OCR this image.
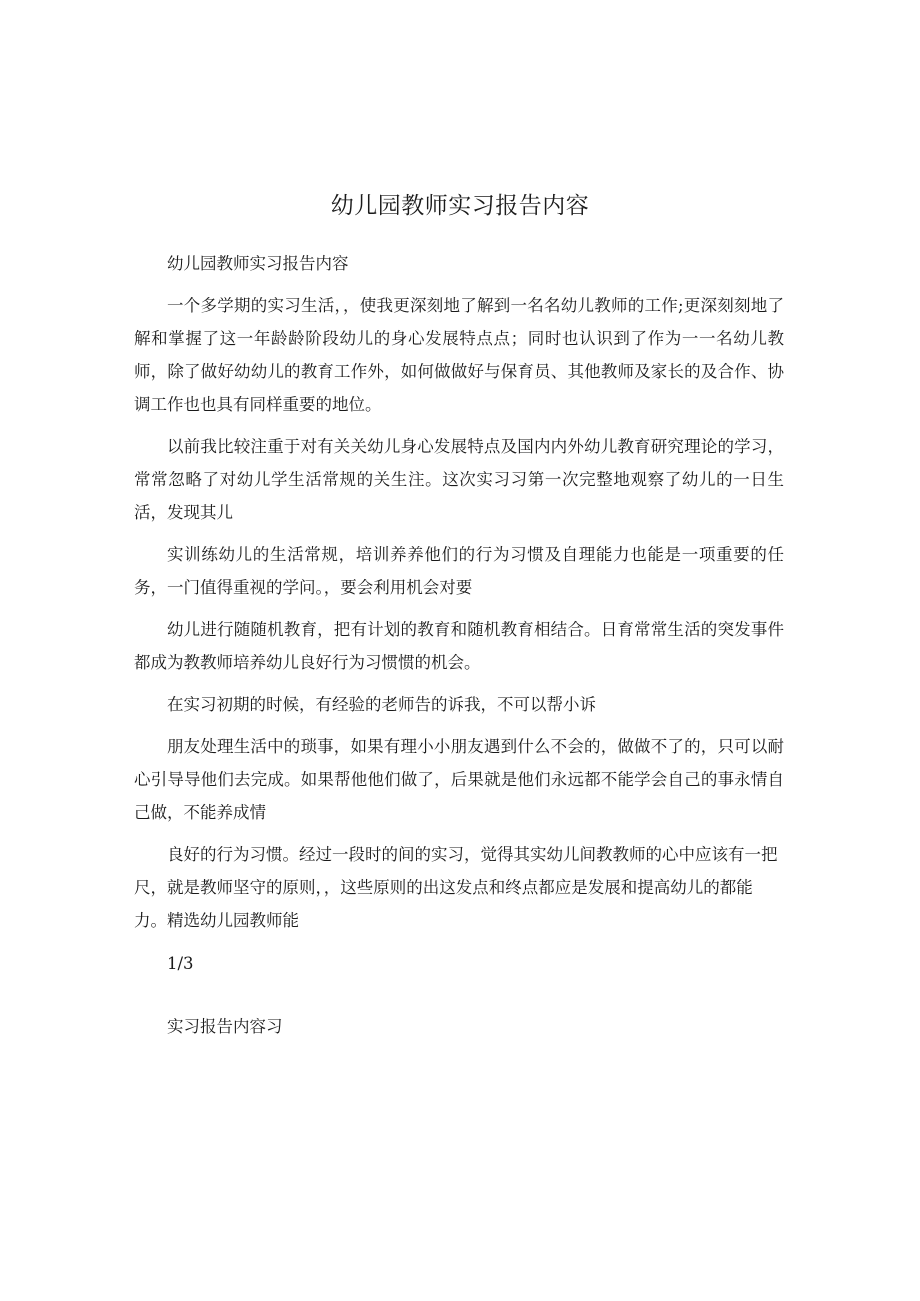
幼儿园教师实习报告内容

幼儿园教师实习报告内容

一个多学期的实习生活，，使我更深刻地了解到一名名幼儿教师的工作;更深刻刻地了解和掌握了这一年龄龄阶段幼儿的身心发展特点点；同时也认识到了作为一一名幼儿教师，除了做好幼幼儿的教育工作外，如何做做好与保育员、其他教师及家长的及合作、协调工作也也具有同样重要的地位。

以前我比较注重于对有关关幼儿身心发展特点及国内内外幼儿教育研究理论的学习，常常忽略了对幼儿学生活常规的关生注。这次实习习第一次完整地观察了幼儿的一日生活，发现其儿

实训练幼儿的生活常规，培训养养他们的行为习惯及自理能力也能是一项重要的任务，一门值得重视的学问。，要会利用机会对要

幼儿进行随随机教育，把有计划的教育和随机教育相结合。日育常常生活的突发事件都成为教教师培养幼儿良好行为习惯惯的机会。

在实习初期的时候，有经验的老师告的诉我，不可以帮小诉

朋友处理生活中的琐事，如果有理小小朋友遇到什么不会的，做做不了的，只可以耐心引导导他们去完成。如果帮他他们做了，后果就是他们永远都不能学会自己的事永情自己做，不能养成情

良好的行为习惯。经过一段时的间的实习，觉得其实幼儿间教教师的心中应该有一把尺，就是教师坚守的原则，，这些原则的出这发点和终点都应是发展和提高幼儿的都能力。精选幼儿园教师能

1/3
实习报告内容习
